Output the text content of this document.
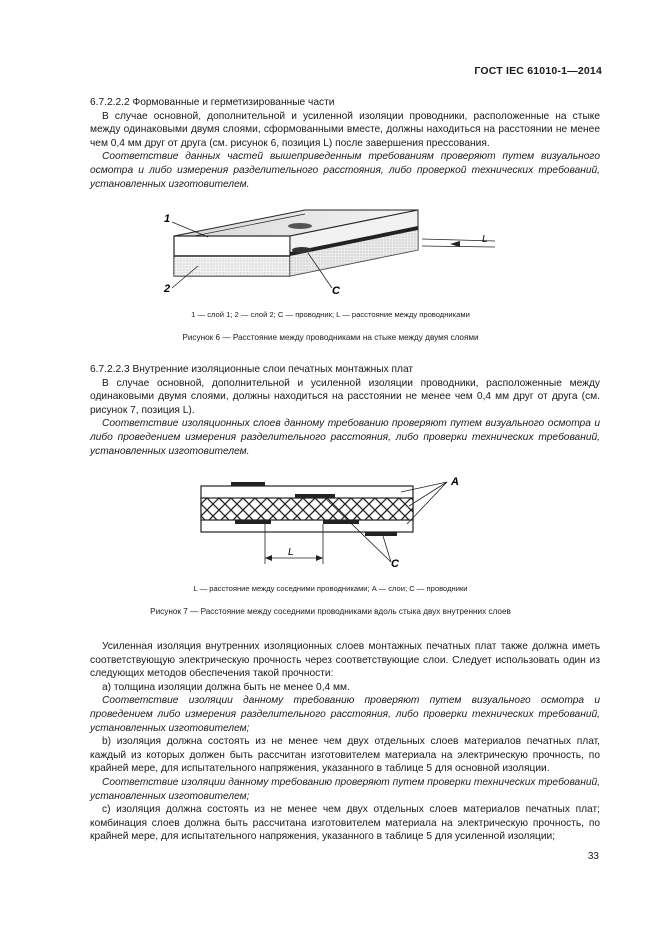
ГОСТ IEC 61010-1—2014

6.7.2.2.2 Формованные и герметизированные части

В случае основной, дополнительной и усиленной изоляции проводники, расположенные на стыке между одинаковыми двумя слоями, сформованными вместе, должны находиться на расстоянии не менее чем 0,4 мм друг от друга (см. рисунок 6, позиция L) после завершения прессования.

Соответствие данных частей вышеприведенным требованиям проверяют путем визуального осмотра и либо измерения разделительного расстояния, либо проверкой технических требований, установленных изготовителем.

L
1
2	C
1 — слой 1; 2 — слой 2; C — проводник; L — расстояние между проводниками
Рисунок 6 — Расстояние между проводниками на стыке между двумя слоями

6.7.2.2.3 Внутренние изоляционные слои печатных монтажных плат

В случае основной, дополнительной и усиленной изоляции проводники, расположенные между одинаковыми двумя слоями, должны находиться на расстоянии не менее чем 0,4 мм друг от друга (см. рисунок 7, позиция L).

Соответствие изоляционных слоев данному требованию проверяют путем визуального осмотра и либо проведением измерения разделительного расстояния, либо проверки технических требований, установленных изготовителем.

L
A
C
L — расстояние между соседними проводниками; A — слои; C — проводники
Рисунок 7 — Расстояние между соседними проводниками вдоль стыка двух внутренних слоев

Усиленная изоляция внутренних изоляционных слоев монтажных печатных плат также должна иметь соответствующую электрическую прочность через соответствующие слои. Следует использовать один из следующих методов обеспечения такой прочности:

а) толщина изоляции должна быть не менее 0,4 мм.

Соответствие изоляции данному требованию проверяют путем визуального осмотра и проведением либо измерения разделительного расстояния, либо проверки технических требований, установленных изготовителем;

b) изоляция должна состоять из не менее чем двух отдельных слоев материалов печатных плат, каждый из которых должен быть рассчитан изготовителем материала на электрическую прочность, по крайней мере, для испытательного напряжения, указанного в таблице 5 для основной изоляции.

Соответствие изоляции данному требованию проверяют путем проверки технических требований, установленных изготовителем;

с) изоляция должна состоять из не менее чем двух отдельных слоев материалов печатных плат; комбинация слоев должна быть рассчитана изготовителем материала на электрическую прочность, по крайней мере, для испытательного напряжения, указанного в таблице 5 для усиленной изоляции;

33
